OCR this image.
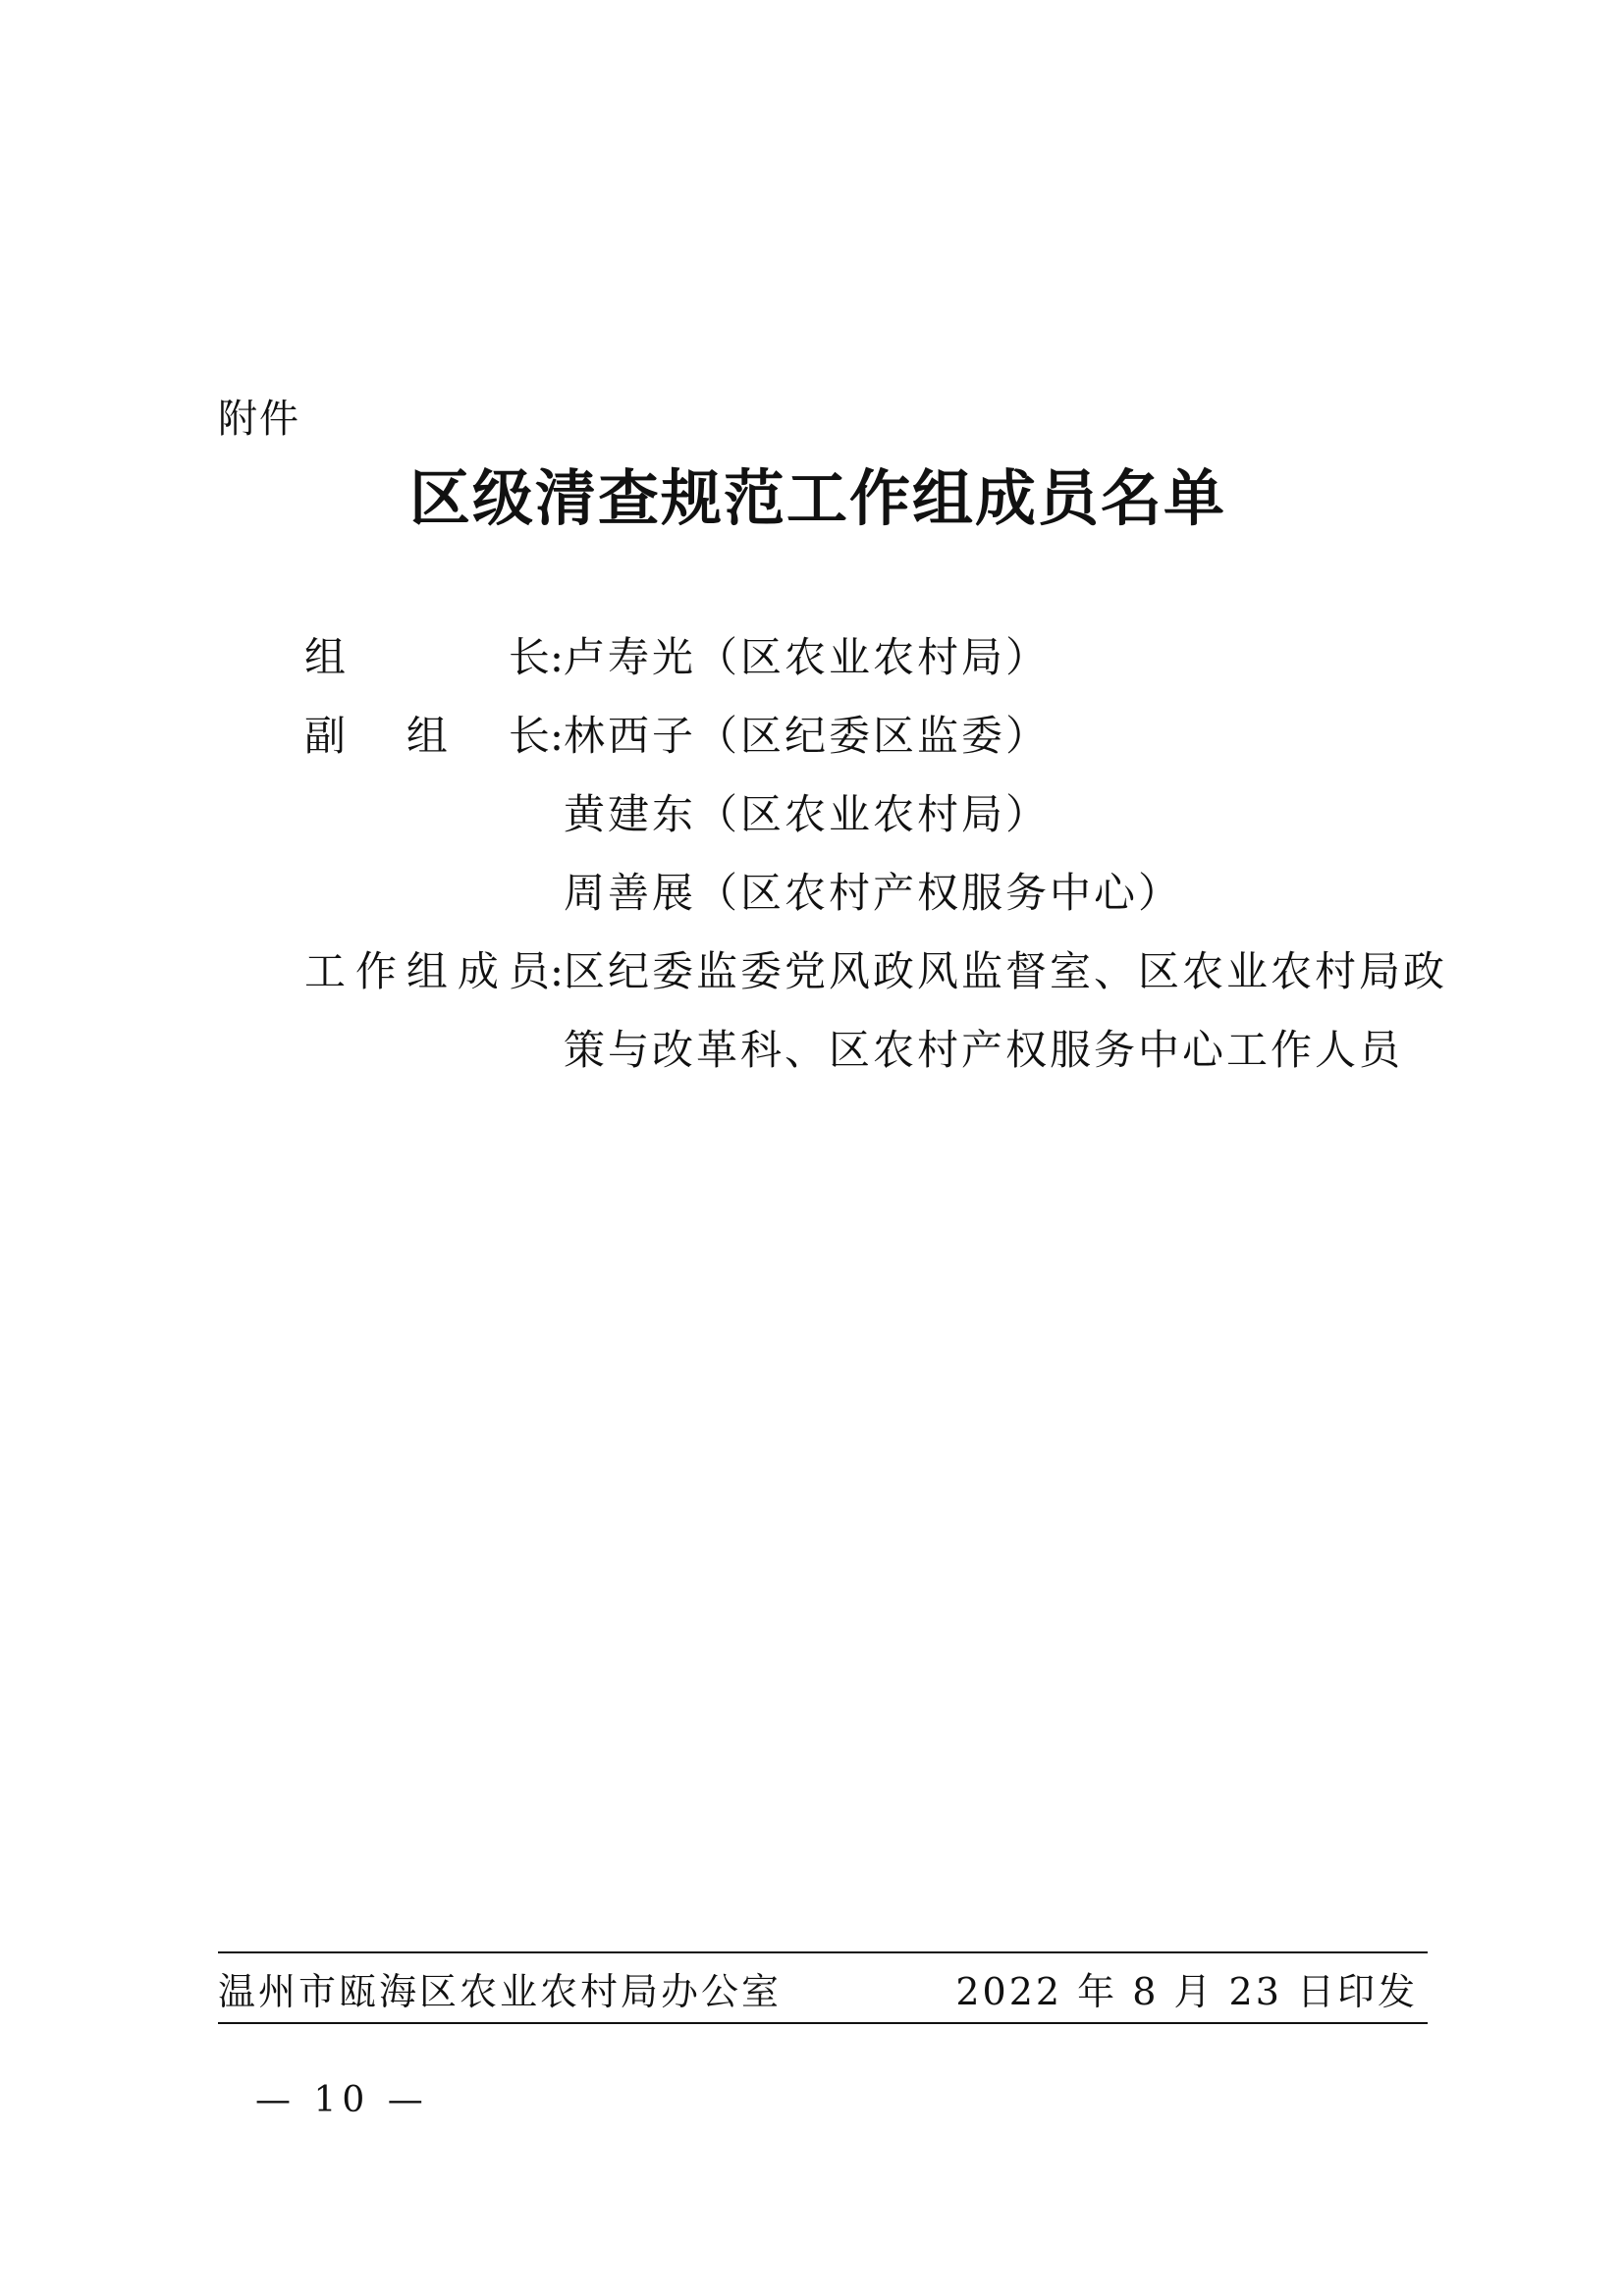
附件
区级清查规范工作组成员名单
组	长: 卢寿光（区农业农村局）
副 组 长: 林西子（区纪委区监委）
黄建东（区农业农村局）
周善展（区农村产权服务中心）
工 作 组 成 员: 区纪委监委党风政风监督室、区农业农村局政
策与改革科、区农村产权服务中心工作人员
温州市瓯海区农业农村局办公室	2022 年 8 月 23 日印发
— 10 —
